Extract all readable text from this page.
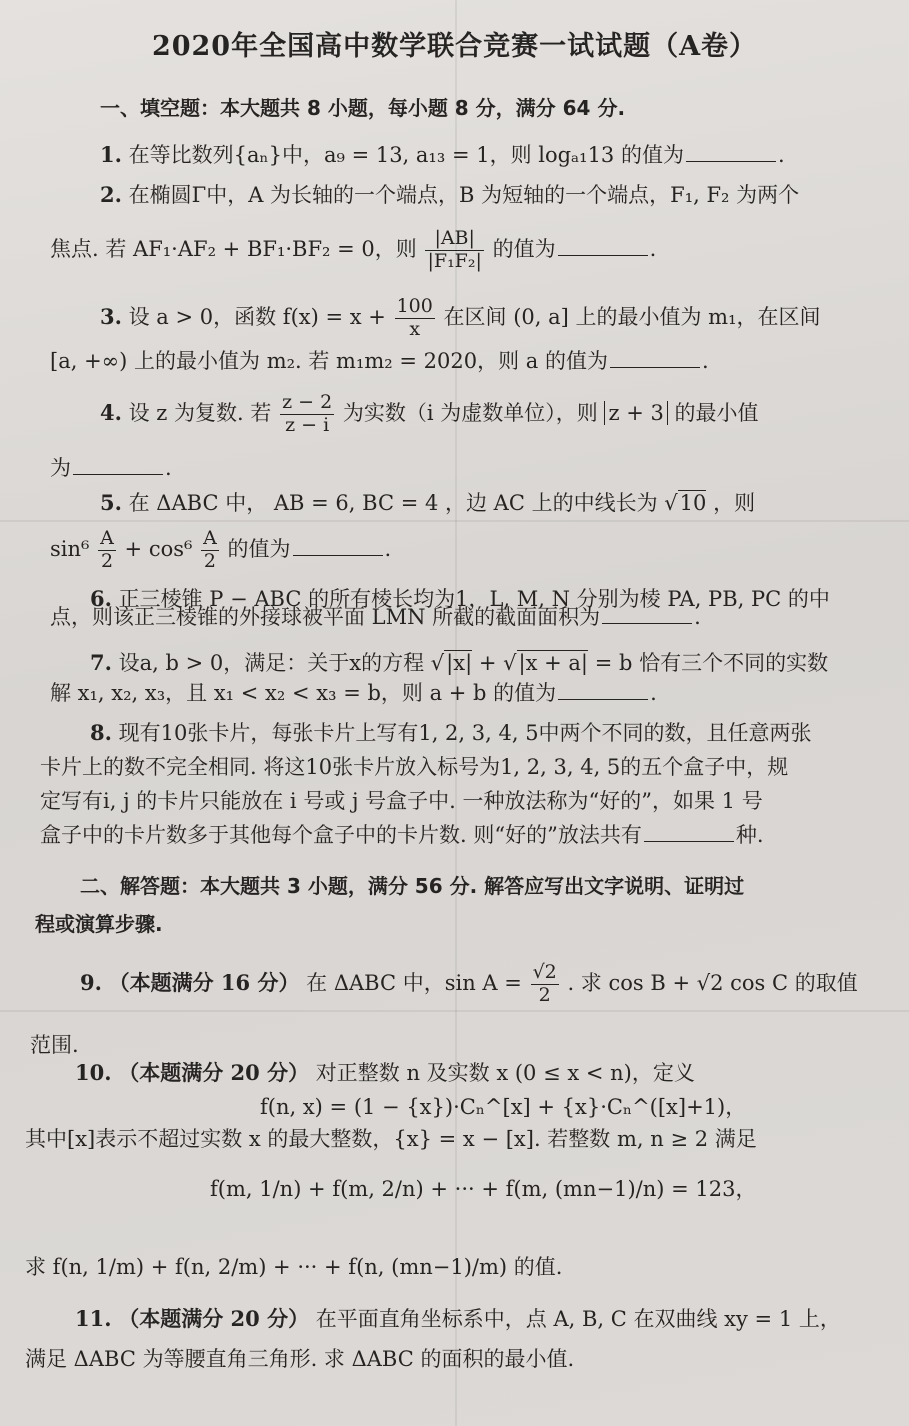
2020年全国高中数学联合竞赛一试试题（A卷）
一、填空题：本大题共 8 小题，每小题 8 分，满分 64 分.
1. 在等比数列{aₙ}中，a₉ = 13, a₁₃ = 1，则 logₐ₁13 的值为	.
2. 在椭圆Γ中，A 为长轴的一个端点，B 为短轴的一个端点，F₁, F₂ 为两个
焦点. 若 AF₁·AF₂ + BF₁·BF₂ = 0，则 $\frac{|AB|}{\text{|F₁F₂|}}$ 的值为	.
3. 设 a > 0，函数 $f(x) = x + \frac{100}{x}$ 在区间 (0, a] 上的最小值为 m₁，在区间
[a, +∞) 上的最小值为 m₂. 若 m₁m₂ = 2020，则 a 的值为	.
4. 设 z 为复数. 若 $\frac{z - 2}{z - i}$ 为实数（i 为虚数单位），则 z + 3 的最小值
为	.
5. 在 ΔABC 中， AB = 6, BC = 4 ，边 AC 上的中线长为 √10 ，则
$\sin^6 \frac{A}{2} + \cos^6 \frac{A}{2}$ 的值为	.
6. 正三棱锥 P − ABC 的所有棱长均为1，L, M, N 分别为棱 PA, PB, PC 的中
点，则该正三棱锥的外接球被平面 LMN 所截的截面面积为	.
7. 设a, b > 0，满足：关于x的方程 √|x| + √|x + a| = b 恰有三个不同的实数
解 x₁, x₂, x₃，且 x₁ < x₂ < x₃ = b，则 a + b 的值为	.
8. 现有10张卡片，每张卡片上写有1, 2, 3, 4, 5中两个不同的数，且任意两张
卡片上的数不完全相同. 将这10张卡片放入标号为1, 2, 3, 4, 5的五个盒子中，规
定写有i, j 的卡片只能放在 i 号或 j 号盒子中. 一种放法称为“好的”，如果 1 号
盒子中的卡片数多于其他每个盒子中的卡片数. 则“好的”放法共有	种.
二、解答题：本大题共 3 小题，满分 56 分. 解答应写出文字说明、证明过
程或演算步骤.
9. （本题满分 16 分） 在 ΔABC 中，$\sin A = \frac{√2}{2}$ . 求 cos B + √2 cos C 的取值
范围.
10. （本题满分 20 分） 对正整数 n 及实数 x (0 ≤ x < n)，定义
f(n, x) = (1 − {x})·Cₙ^[x] + {x}·Cₙ^([x]+1)，
其中[x]表示不超过实数 x 的最大整数，{x} = x − [x]. 若整数 m, n ≥ 2 满足
f(m, 1/n) + f(m, 2/n) + ··· + f(m, (mn−1)/n) = 123，
求 f(n, 1/m) + f(n, 2/m) + ··· + f(n, (mn−1)/m) 的值.
11. （本题满分 20 分） 在平面直角坐标系中，点 A, B, C 在双曲线 xy = 1 上，
满足 ΔABC 为等腰直角三角形. 求 ΔABC 的面积的最小值.
